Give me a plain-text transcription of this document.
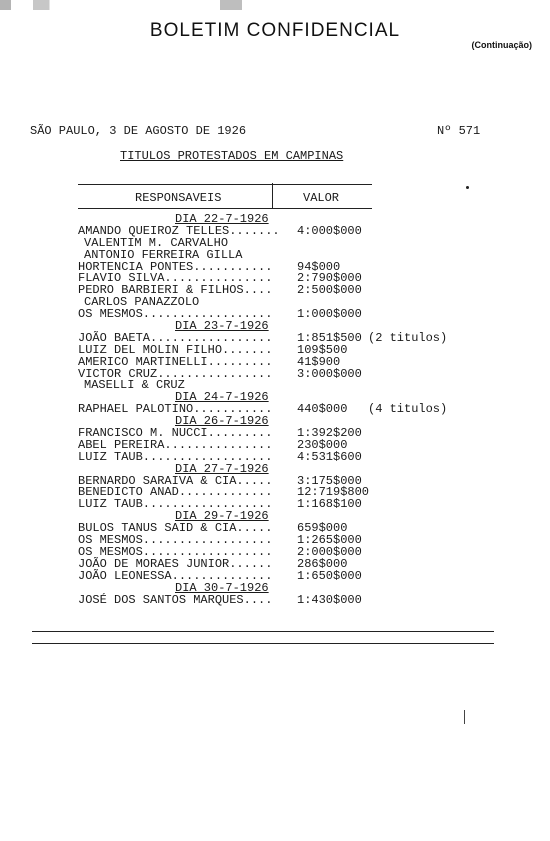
BOLETIM CONFIDENCIAL
(Continuação)
SÃO PAULO, 3 DE AGOSTO DE 1926	Nº 571
TITULOS PROTESTADOS EM CAMPINAS
RESPONSAVEIS	VALOR
DIA 22-7-1926
AMANDO QUEIROZ TELLES....... 4:000$000
VALENTIM M. CARVALHO
ANTONIO FERREIRA GILLA
HORTENCIA PONTES........... 94$000
FLAVIO SILVA............... 2:790$000
PEDRO BARBIERI & FILHOS.... 2:500$000
CARLOS PANAZZOLO
OS MESMOS.................. 1:000$000
DIA 23-7-1926
JOÃO BAETA................. 1:851$500 (2 titulos)
LUIZ DEL MOLIN FILHO....... 109$500
AMERICO MARTINELLI......... 41$900
VICTOR CRUZ................ 3:000$000
MASELLI & CRUZ
DIA 24-7-1926
RAPHAEL PALOTINO........... 440$000 (4 titulos)
DIA 26-7-1926
FRANCISCO M. NUCCI......... 1:392$200
ABEL PEREIRA............... 230$000
LUIZ TAUB.................. 4:531$600
DIA 27-7-1926
BERNARDO SARAIVA & CIA..... 3:175$000
BENEDICTO ANAD............. 12:719$800
LUIZ TAUB.................. 1:168$100
DIA 29-7-1926
BULOS TANUS SAID & CIA..... 659$000
OS MESMOS.................. 1:265$000
OS MESMOS.................. 2:000$000
JOÃO DE MORAES JUNIOR...... 286$000
JOÃO LEONESSA.............. 1:650$000
DIA 30-7-1926
JOSÉ DOS SANTOS MARQUES.... 1:430$000
